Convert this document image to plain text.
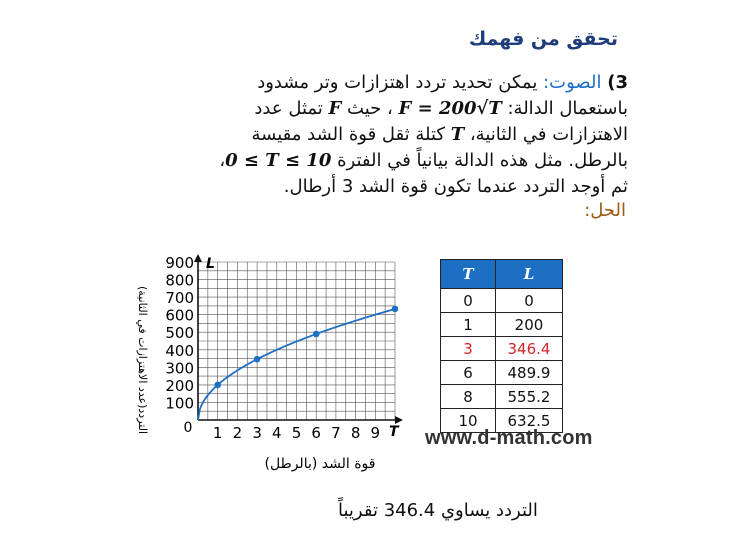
تحقق من فهمك
3) الصوت: يمكن تحديد تردد اهتزازات وتر مشدود
باستعمال الدالة: F = 200√T ، حيث F تمثل عدد
الاهتزازات في الثانية، T كتلة ثقل قوة الشد مقيسة
بالرطل. مثل هذه الدالة بيانياً في الفترة 0 ≤ T ≤ 10،
ثم أوجد التردد عندما تكون قوة الشد 3 أرطال.
الحل:
L
T
0 1 2 3 4 5 6 7 8 9
100
200
300
400
500
600
700
800
900
التردد(عدد الاهتزازات في الثانية)
قوة الشد (بالرطل)
T	L
0	0
1	200
3	346.4
6	489.9
8	555.2
10	632.5
www.d-math.com
التردد يساوي 346.4 تقريباً
